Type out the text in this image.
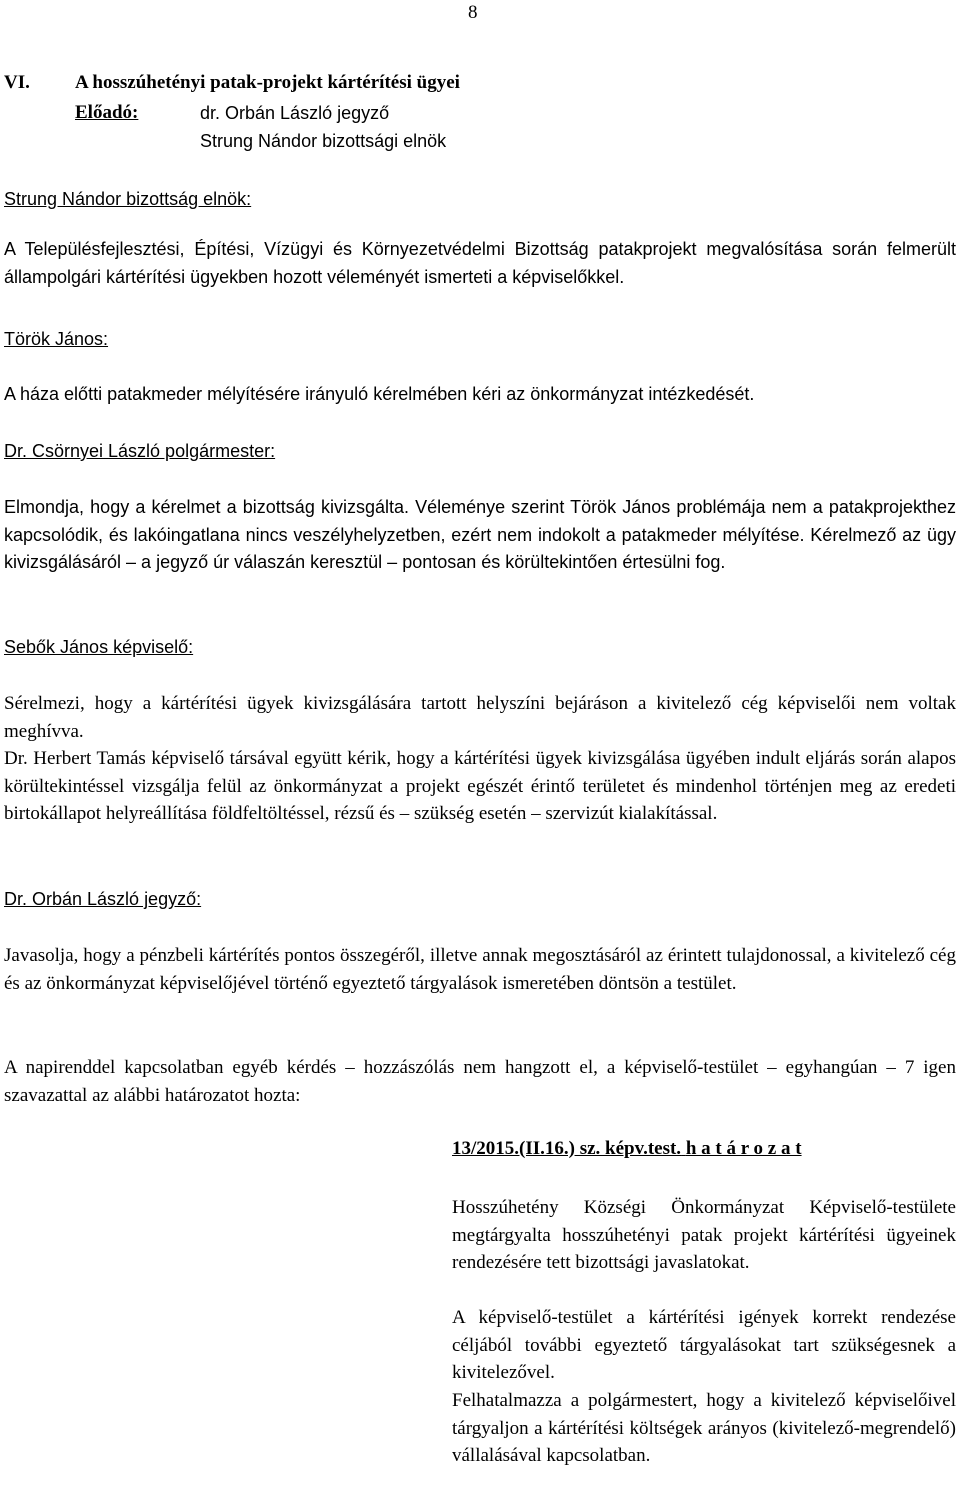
8
VI. A hosszúhetényi patak-projekt kártérítési ügyei
Előadó:	dr. Orbán László jegyző
Strung Nándor bizottsági elnök
Strung Nándor bizottság elnök:

A Településfejlesztési, Építési, Vízügyi és Környezetvédelmi Bizottság patakprojekt megvalósítása során felmerült állampolgári kártérítési ügyekben hozott véleményét ismerteti a képviselőkkel.

Török János:

A háza előtti patakmeder mélyítésére irányuló kérelmében kéri az önkormányzat intézkedését.

Dr. Csörnyei László polgármester:

Elmondja, hogy a kérelmet a bizottság kivizsgálta. Véleménye szerint Török János problémája nem a patakprojekthez kapcsolódik, és lakóingatlana nincs veszélyhelyzetben, ezért nem indokolt a patakmeder mélyítése. Kérelmező az ügy kivizsgálásáról – a jegyző úr válaszán keresztül – pontosan és körültekintően értesülni fog.

Sebők János képviselő:

Sérelmezi, hogy a kártérítési ügyek kivizsgálására tartott helyszíni bejáráson a kivitelező cég képviselői nem voltak meghívva.

Dr. Herbert Tamás képviselő társával együtt kérik, hogy a kártérítési ügyek kivizsgálása ügyében indult eljárás során alapos körültekintéssel vizsgálja felül az önkormányzat a projekt egészét érintő területet és mindenhol történjen meg az eredeti birtokállapot helyreállítása földfeltöltéssel, rézsű és – szükség esetén – szervizút kialakítással.

Dr. Orbán László jegyző:

Javasolja, hogy a pénzbeli kártérítés pontos összegéről, illetve annak megosztásáról az érintett tulajdonossal, a kivitelező cég és az önkormányzat képviselőjével történő egyeztető tárgyalások ismeretében döntsön a testület.

A napirenddel kapcsolatban egyéb kérdés – hozzászólás nem hangzott el, a képviselő-testület – egyhangúan – 7 igen szavazattal az alábbi határozatot hozta:

13/2015.(II.16.) sz. képv.test. h a t á r o z a t

Hosszúhetény Községi Önkormányzat Képviselő-testülete megtárgyalta hosszúhetényi patak projekt kártérítési ügyeinek rendezésére tett bizottsági javaslatokat.

A képviselő-testület a kártérítési igények korrekt rendezése céljából további egyeztető tárgyalásokat tart szükségesnek a kivitelezővel.

Felhatalmazza a polgármestert, hogy a kivitelező képviselőivel tárgyaljon a kártérítési költségek arányos (kivitelező-megrendelő) vállalásával kapcsolatban.
